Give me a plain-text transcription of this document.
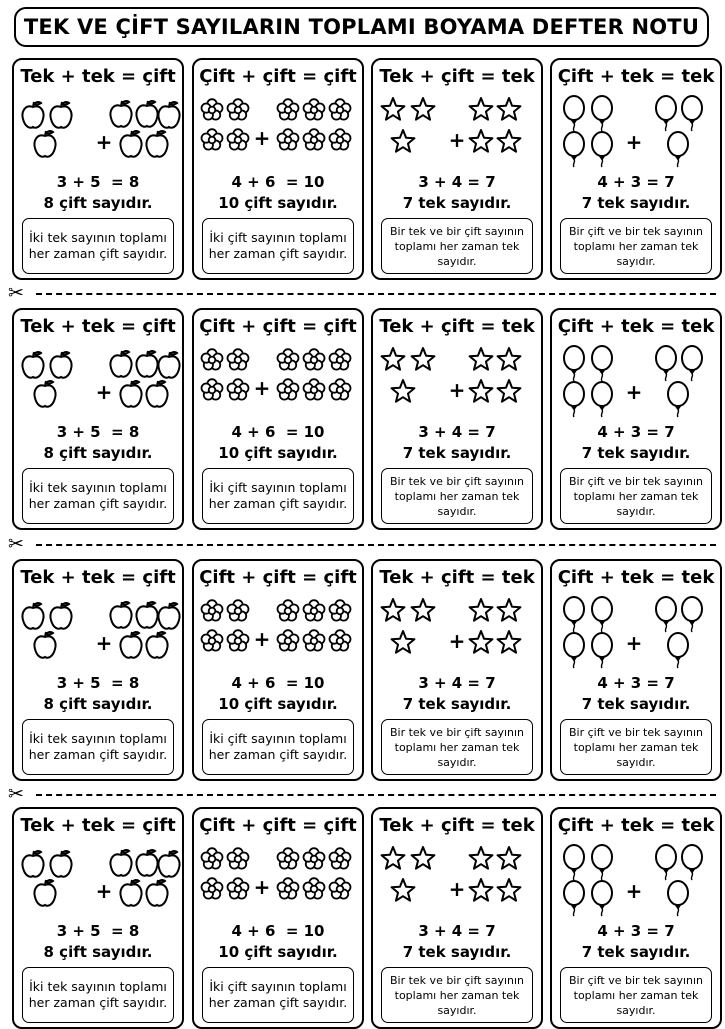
TEK VE ÇİFT SAYILARIN TOPLAMI BOYAMA DEFTER NOTU
Tek + tek = çift
+
3 + 5  = 8
8 çift sayıdır.
İki tek sayının toplamı her zaman çift sayıdır.
Çift + çift = çift
+
4 + 6  = 10
10 çift sayıdır.
İki çift sayının toplamı her zaman çift sayıdır.
Tek + çift = tek
+
3 + 4 = 7
7 tek sayıdır.
Bir tek ve bir çift sayının toplamı her zaman tek sayıdır.
Çift + tek = tek
+
4 + 3 = 7
7 tek sayıdır.
Bir çift ve bir tek sayının toplamı her zaman tek sayıdır.
✂
Tek + tek = çift
+
3 + 5  = 8
8 çift sayıdır.
İki tek sayının toplamı her zaman çift sayıdır.
Çift + çift = çift
+
4 + 6  = 10
10 çift sayıdır.
İki çift sayının toplamı her zaman çift sayıdır.
Tek + çift = tek
+
3 + 4 = 7
7 tek sayıdır.
Bir tek ve bir çift sayının toplamı her zaman tek sayıdır.
Çift + tek = tek
+
4 + 3 = 7
7 tek sayıdır.
Bir çift ve bir tek sayının toplamı her zaman tek sayıdır.
✂
Tek + tek = çift
+
3 + 5  = 8
8 çift sayıdır.
İki tek sayının toplamı her zaman çift sayıdır.
Çift + çift = çift
+
4 + 6  = 10
10 çift sayıdır.
İki çift sayının toplamı her zaman çift sayıdır.
Tek + çift = tek
+
3 + 4 = 7
7 tek sayıdır.
Bir tek ve bir çift sayının toplamı her zaman tek sayıdır.
Çift + tek = tek
+
4 + 3 = 7
7 tek sayıdır.
Bir çift ve bir tek sayının toplamı her zaman tek sayıdır.
✂
Tek + tek = çift
+
3 + 5  = 8
8 çift sayıdır.
İki tek sayının toplamı her zaman çift sayıdır.
Çift + çift = çift
+
4 + 6  = 10
10 çift sayıdır.
İki çift sayının toplamı her zaman çift sayıdır.
Tek + çift = tek
+
3 + 4 = 7
7 tek sayıdır.
Bir tek ve bir çift sayının toplamı her zaman tek sayıdır.
Çift + tek = tek
+
4 + 3 = 7
7 tek sayıdır.
Bir çift ve bir tek sayının toplamı her zaman tek sayıdır.
